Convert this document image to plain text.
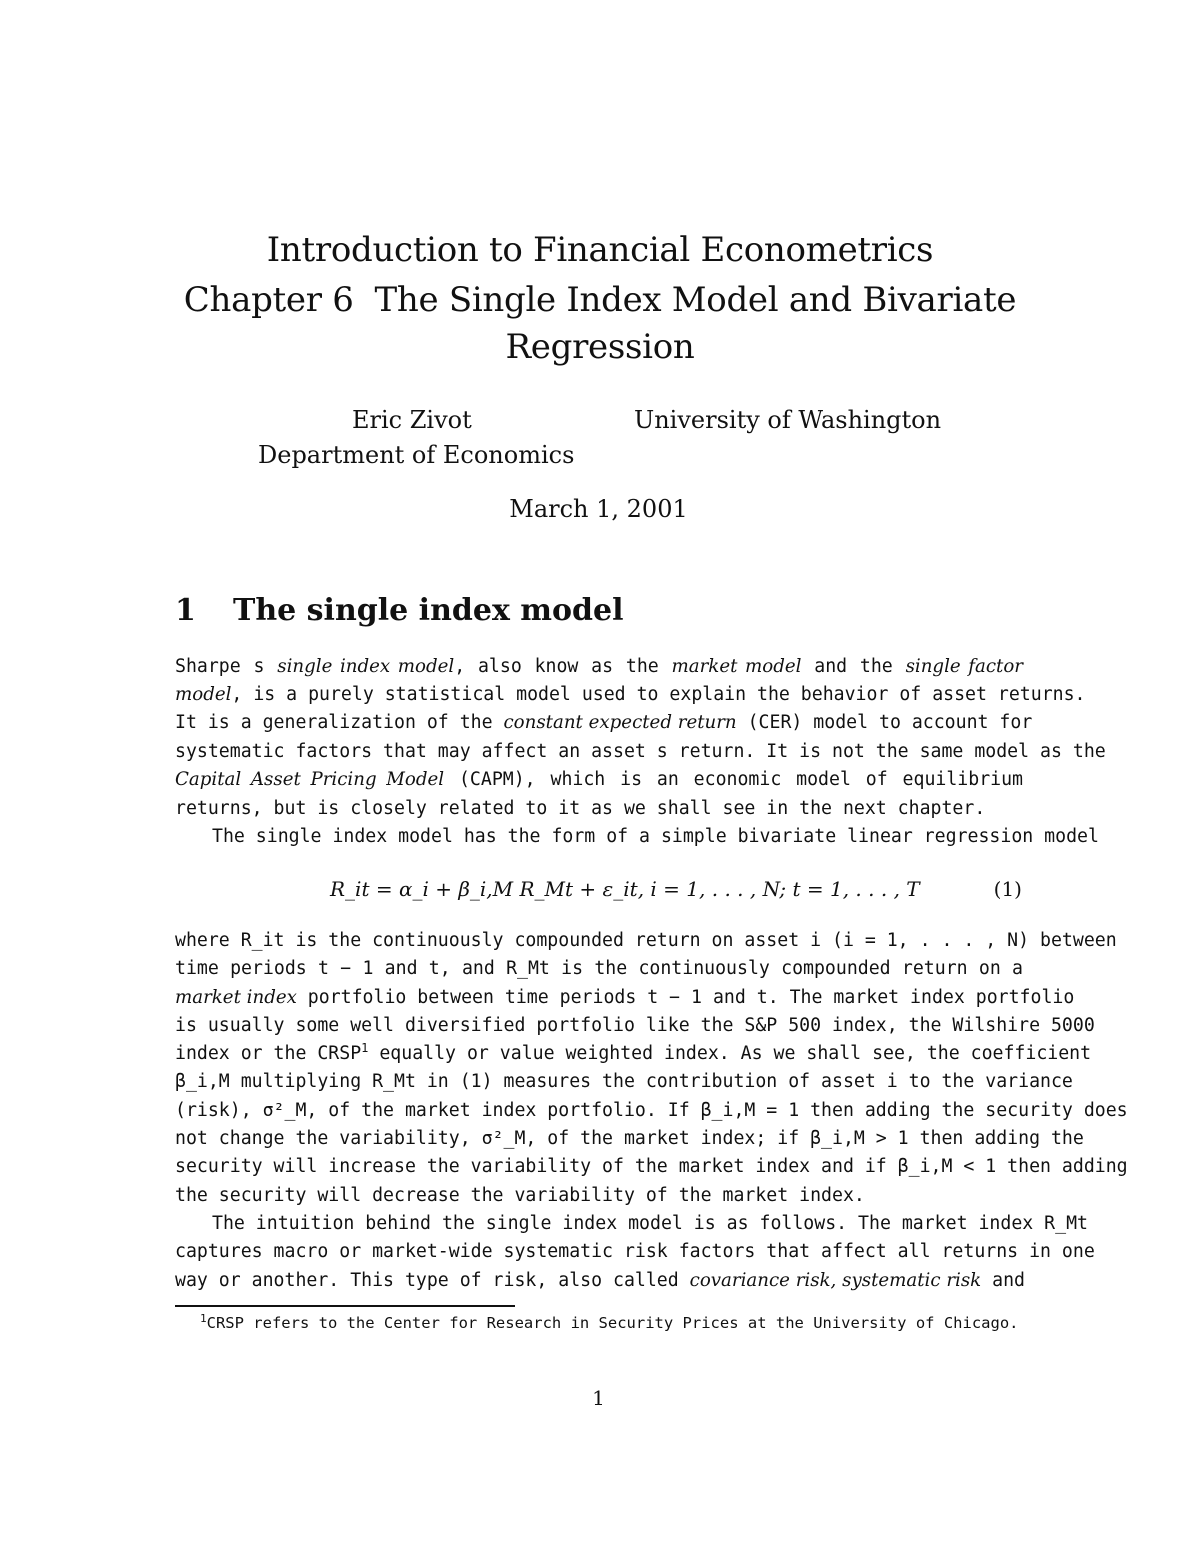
Introduction to Financial Econometrics
Chapter 6  The Single Index Model and Bivariate
Regression
Eric Zivot
Department of Economics
University of Washington
March 1, 2001
1 The single index model
Sharpe s single index model, also know as the market model and the single factor
model, is a purely statistical model used to explain the behavior of asset returns.
It is a generalization of the constant expected return (CER) model to account for
systematic factors that may affect an asset s return. It is not the same model as the
Capital Asset Pricing Model (CAPM), which is an economic model of equilibrium
returns, but is closely related to it as we shall see in the next chapter.
The single index model has the form of a simple bivariate linear regression model
R_it = α_i + β_i,M R_Mt + ε_it, i = 1, . . . , N; t = 1, . . . , T	(1)
where R_it is the continuously compounded return on asset i (i = 1, . . . , N) between
time periods t − 1 and t, and R_Mt is the continuously compounded return on a
market index portfolio between time periods t − 1 and t. The market index portfolio
is usually some well diversified portfolio like the S&P 500 index, the Wilshire 5000
index or the CRSP$^1$ equally or value weighted index. As we shall see, the coefficient
β_i,M multiplying R_Mt in (1) measures the contribution of asset i to the variance
(risk), σ²_M, of the market index portfolio. If β_i,M = 1 then adding the security does
not change the variability, σ²_M, of the market index; if β_i,M > 1 then adding the
security will increase the variability of the market index and if β_i,M < 1 then adding
the security will decrease the variability of the market index.
The intuition behind the single index model is as follows. The market index R_Mt
captures macro or market-wide systematic risk factors that affect all returns in one
way or another. This type of risk, also called covariance risk, systematic risk and
$^1$CRSP refers to the Center for Research in Security Prices at the University of Chicago.
1
